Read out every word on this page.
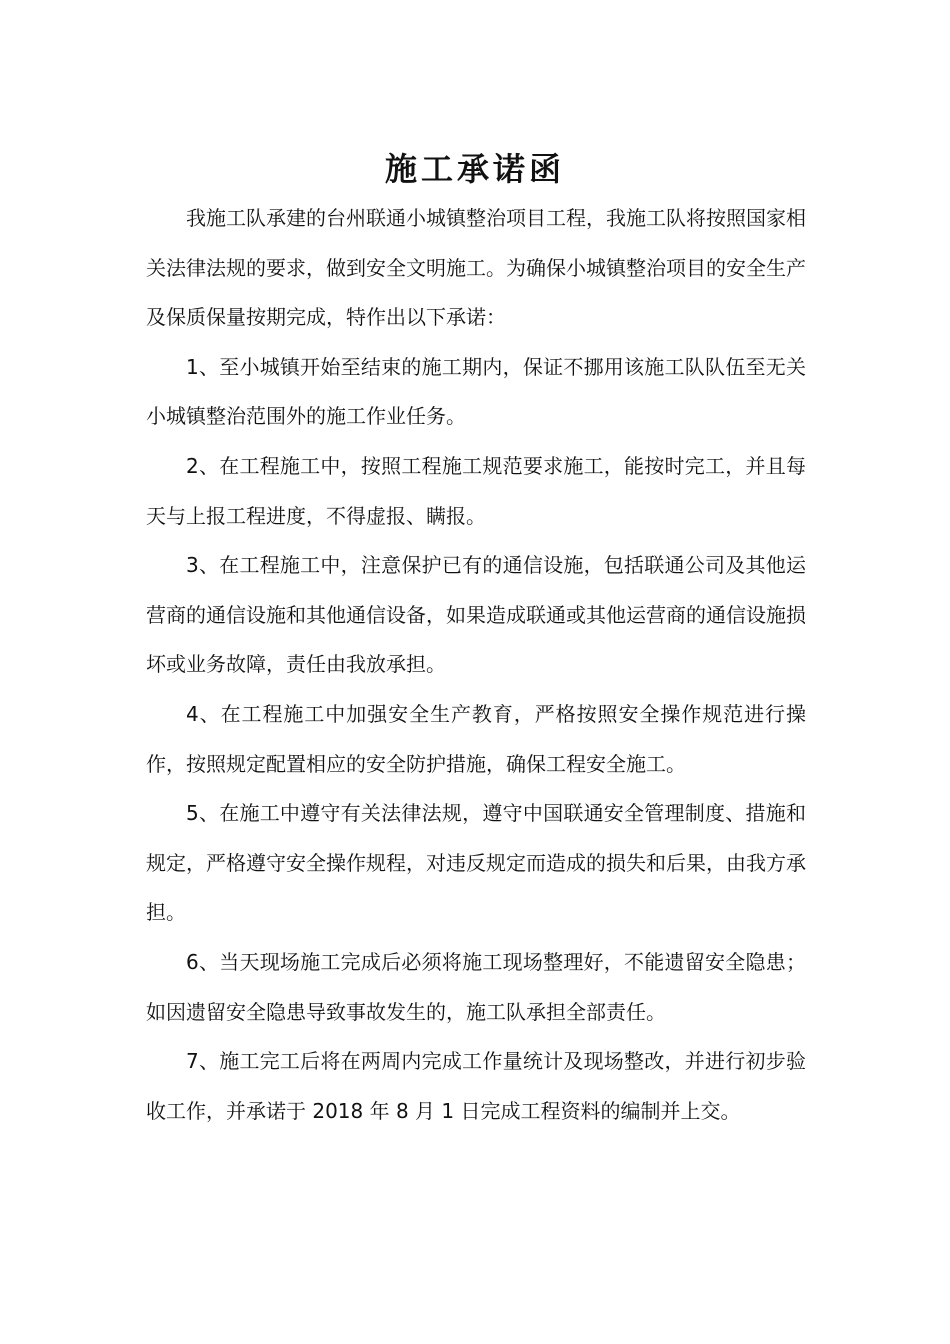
施工承诺函

我施工队承建的台州联通小城镇整治项目工程，我施工队将按照国家相关法律法规的要求，做到安全文明施工。为确保小城镇整治项目的安全生产及保质保量按期完成，特作出以下承诺：

1、至小城镇开始至结束的施工期内，保证不挪用该施工队队伍至无关小城镇整治范围外的施工作业任务。

2、在工程施工中，按照工程施工规范要求施工，能按时完工，并且每天与上报工程进度，不得虚报、瞒报。

3、在工程施工中，注意保护已有的通信设施，包括联通公司及其他运营商的通信设施和其他通信设备，如果造成联通或其他运营商的通信设施损坏或业务故障，责任由我放承担。

4、在工程施工中加强安全生产教育，严格按照安全操作规范进行操作，按照规定配置相应的安全防护措施，确保工程安全施工。

5、在施工中遵守有关法律法规，遵守中国联通安全管理制度、措施和规定，严格遵守安全操作规程，对违反规定而造成的损失和后果，由我方承担。

6、当天现场施工完成后必须将施工现场整理好，不能遗留安全隐患；如因遗留安全隐患导致事故发生的，施工队承担全部责任。

7、施工完工后将在两周内完成工作量统计及现场整改，并进行初步验收工作，并承诺于 2018 年 8 月 1 日完成工程资料的编制并上交。
